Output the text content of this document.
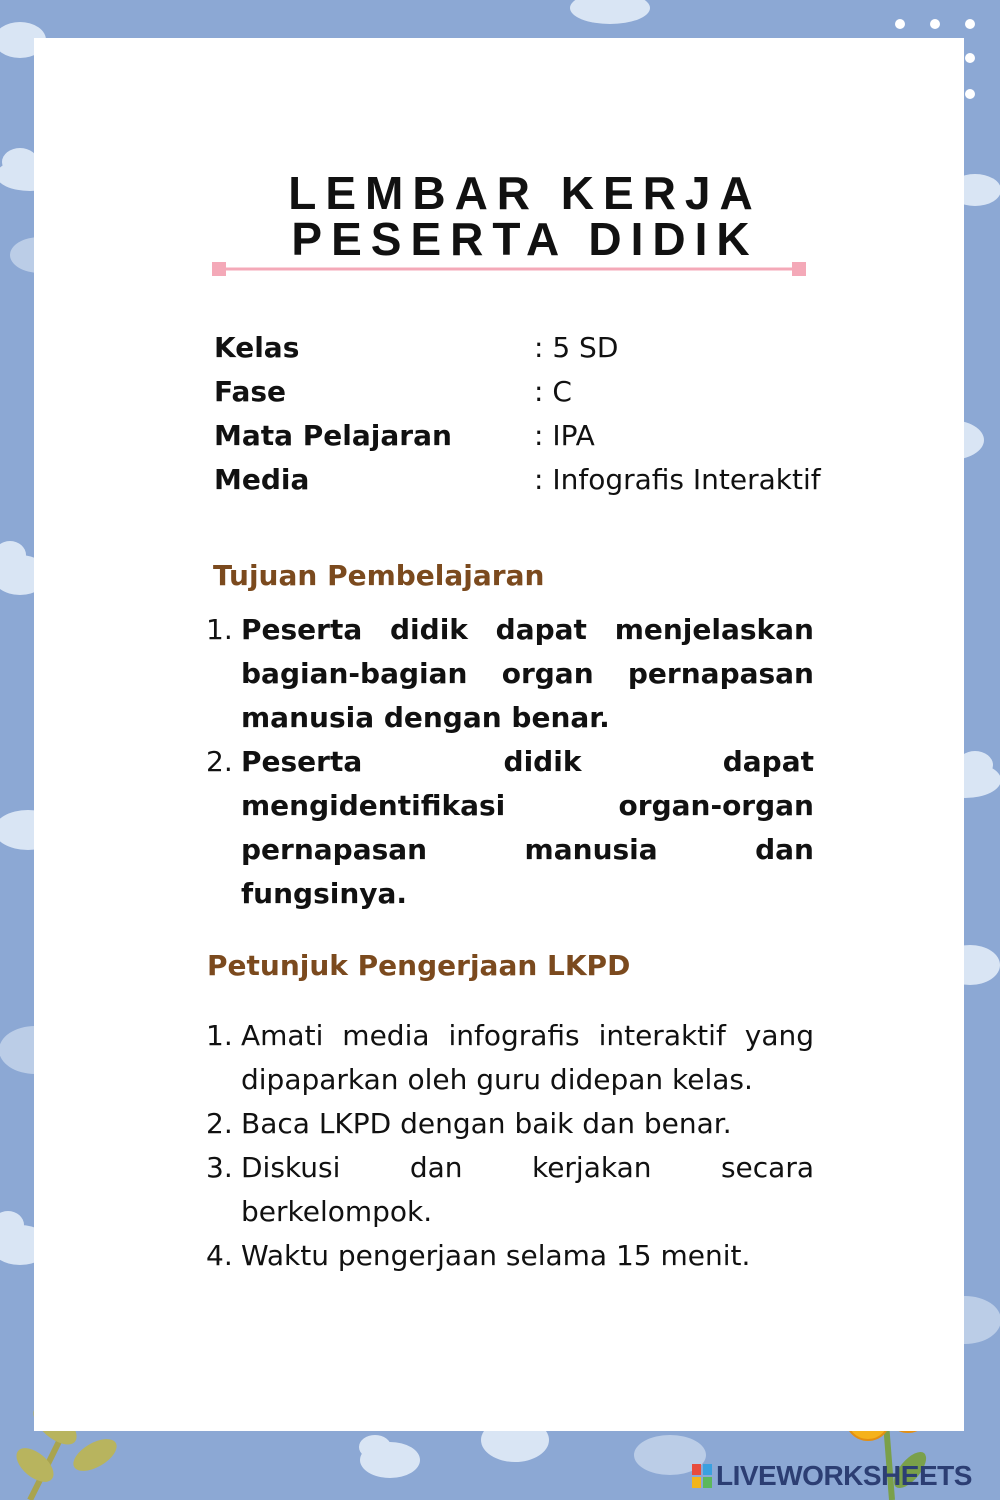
LEMBAR KERJA
PESERTA DIDIK
Kelas	: 5 SD
Fase	: C
Mata Pelajaran	: IPA
Media	: Infografis Interaktif
Tujuan Pembelajaran
1. Peserta didik dapat menjelaskan bagian-bagian organ pernapasan manusia dengan benar.
2. Peserta didik dapat mengidentifikasi organ-organ pernapasan manusia dan fungsinya.
Petunjuk Pengerjaan LKPD
1. Amati media infografis interaktif yang dipaparkan oleh guru didepan kelas.
2. Baca LKPD dengan baik dan benar.
3. Diskusi dan kerjakan secara berkelompok.
4. Waktu pengerjaan selama 15 menit.
LIVEWORKSHEETS
